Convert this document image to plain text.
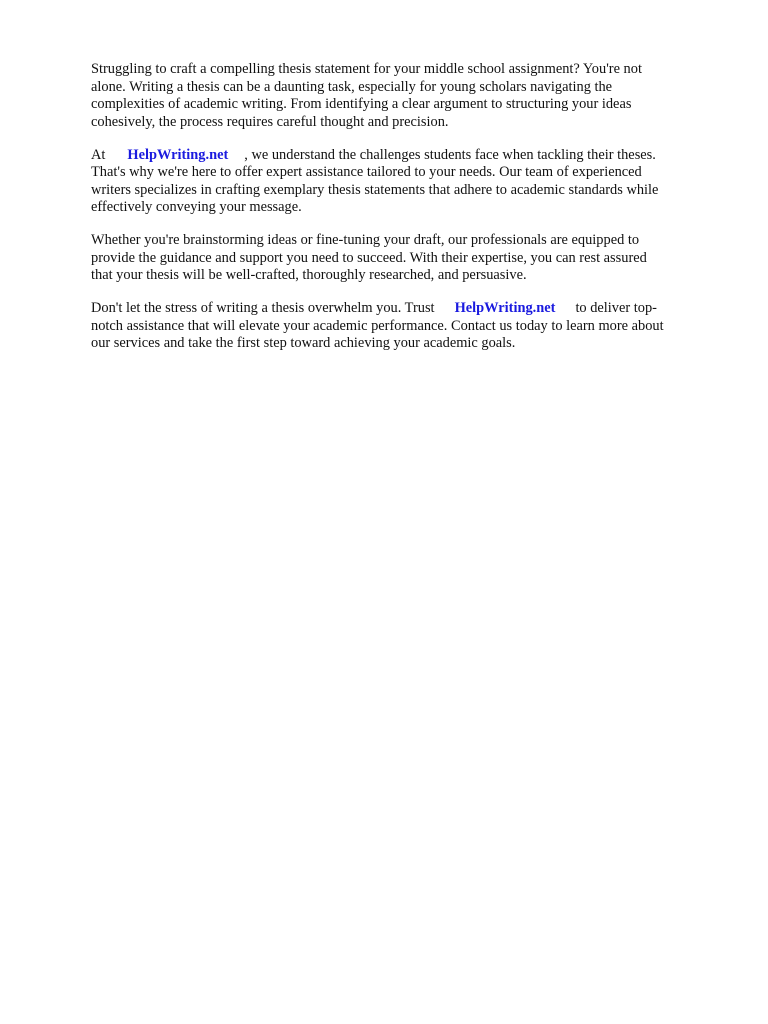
Struggling to craft a compelling thesis statement for your middle school assignment? You're not
alone. Writing a thesis can be a daunting task, especially for young scholars navigating the
complexities of academic writing. From identifying a clear argument to structuring your ideas
cohesively, the process requires careful thought and precision.

At HelpWriting.net , we understand the challenges students face when tackling their theses.
That's why we're here to offer expert assistance tailored to your needs. Our team of experienced
writers specializes in crafting exemplary thesis statements that adhere to academic standards while
effectively conveying your message.

Whether you're brainstorming ideas or fine-tuning your draft, our professionals are equipped to
provide the guidance and support you need to succeed. With their expertise, you can rest assured
that your thesis will be well-crafted, thoroughly researched, and persuasive.

Don't let the stress of writing a thesis overwhelm you. Trust HelpWriting.net to deliver top-
notch assistance that will elevate your academic performance. Contact us today to learn more about
our services and take the first step toward achieving your academic goals.
